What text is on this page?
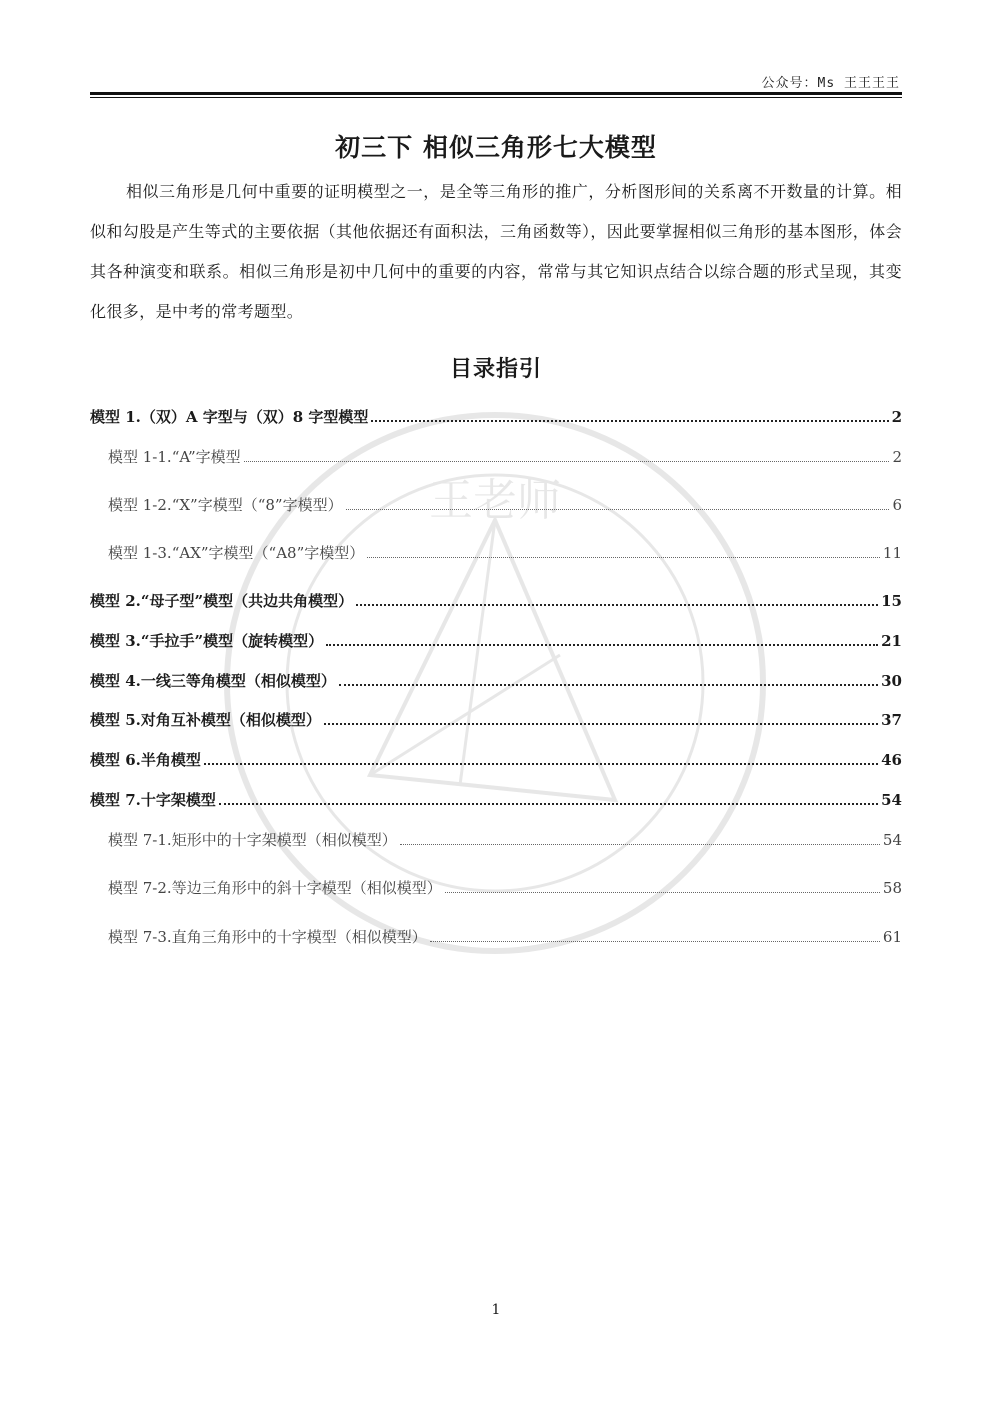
公众号：Ms 王王王王
王老师
初三下 相似三角形七大模型
相似三角形是几何中重要的证明模型之一，是全等三角形的推广，分析图形间的关系离不开数量的计算。相似和勾股是产生等式的主要依据（其他依据还有面积法，三角函数等），因此要掌握相似三角形的基本图形，体会其各种演变和联系。相似三角形是初中几何中的重要的内容，常常与其它知识点结合以综合题的形式呈现，其变化很多，是中考的常考题型。
目录指引
模型 1.（双）A 字型与（双）8 字型模型	2
模型 1-1.“A”字模型	2
模型 1-2.“X”字模型（“8”字模型）	6
模型 1-3.“AX”字模型（“A8”字模型）	11
模型 2.“母子型”模型（共边共角模型）	15
模型 3.“手拉手”模型（旋转模型）	21
模型 4.一线三等角模型（相似模型）	30
模型 5.对角互补模型（相似模型）	37
模型 6.半角模型	46
模型 7.十字架模型	54
模型 7-1.矩形中的十字架模型（相似模型）	54
模型 7-2.等边三角形中的斜十字模型（相似模型）	58
模型 7-3.直角三角形中的十字模型（相似模型）	61
1
